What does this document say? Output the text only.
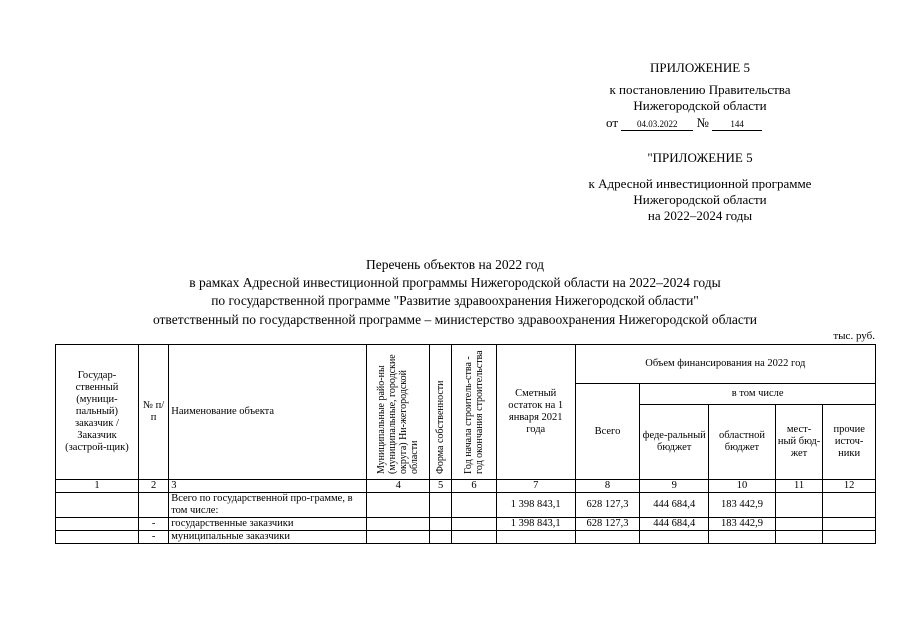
ПРИЛОЖЕНИЕ 5
к постановлению Правительства
Нижегородской области
от 04.03.2022 № 144
"ПРИЛОЖЕНИЕ 5
к Адресной инвестиционной программе
Нижегородской области
на 2022–2024 годы
Перечень объектов на 2022 год
в рамках Адресной инвестиционной программы Нижегородской области на 2022–2024 годы
по государственной программе "Развитие здравоохранения Нижегородской области"
ответственный по государственной программе – министерство здравоохранения Нижегородской области
тыс. руб.
Государ-ственный (муници-пальный) заказчик / Заказчик (застрой-щик)	№ п/п	Наименование объекта	Муниципальные райо-ны (муниципальные, городские округа) Ни-жегородской области	Форма собственности	Год начала строитель-ства - год окончания строительства	Сметный остаток на 1 января 2021 года	Объем финансирования на 2022 год				
							Всего	в том числе			
								феде-ральный бюджет	областной бюджет	мест-ный бюд-жет	прочие источ-ники
1	2	3	4	5	6	7	8	9	10	11	12
		Всего по государственной про-грамме, в том числе:				1 398 843,1	628 127,3	444 684,4	183 442,9		
	-	государственные заказчики				1 398 843,1	628 127,3	444 684,4	183 442,9		
	-	муниципальные заказчики									
